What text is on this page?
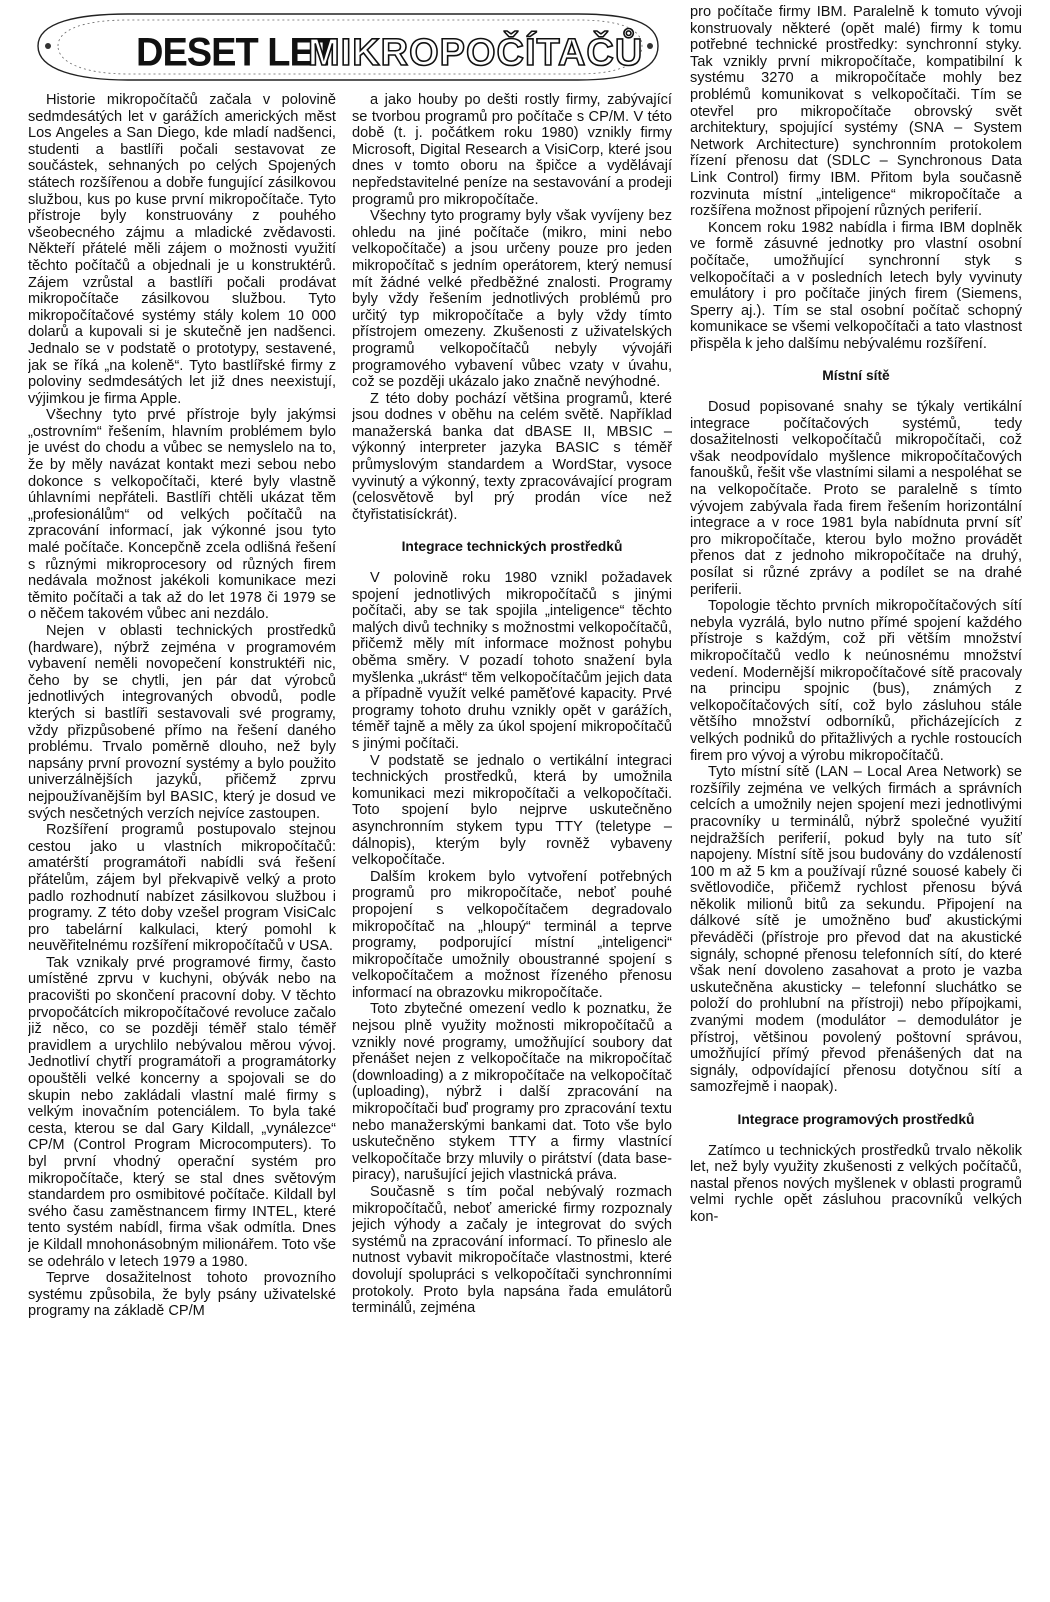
DESET LET
MIKROPOČÍTAČŮ

Historie mikropočítačů začala v polovině sedmdesátých let v garážích amerických měst Los Angeles a San Diego, kde mladí nadšenci, studenti a bastlíři počali sestavovat ze součástek, sehnaných po celých Spojených státech rozšířenou a dobře fungující zásilkovou službou, kus po kuse první mikropočítače. Tyto přístroje byly konstruovány z pouhého všeobecného zájmu a mladické zvědavosti. Někteří přátelé měli zájem o možnosti využití těchto počítačů a objednali je u konstruktérů. Zájem vzrůstal a bastlíři počali prodávat mikropočítače zásilkovou službou. Tyto mikropočítačové systémy stály kolem 10 000 dolarů a kupovali si je skutečně jen nadšenci. Jednalo se v podstatě o prototypy, sestavené, jak se říká „na koleně“. Tyto bastlířské firmy z poloviny sedmdesátých let již dnes neexistují, výjimkou je firma Apple.

Všechny tyto prvé přístroje byly jakýmsi „ostrovním“ řešením, hlavním problémem bylo je uvést do chodu a vůbec se nemyslelo na to, že by měly navázat kontakt mezi sebou nebo dokonce s velkopočítači, které byly vlastně úhlavními nepřáteli. Bastlíři chtěli ukázat těm „profesionálům“ od velkých počítačů na zpracování informací, jak výkonné jsou tyto malé počítače. Koncepčně zcela odlišná řešení s různými mikroprocesory od různých firem nedávala možnost jakékoli komunikace mezi těmito počítači a tak až do let 1978 či 1979 se o něčem takovém vůbec ani nezdálo.

Nejen v oblasti technických prostředků (hardware), nýbrž zejména v programovém vybavení neměli novopečení konstruktéři nic, čeho by se chytli, jen pár dat výrobců jednotlivých integrovaných obvodů, podle kterých si bastlíři sestavovali své programy, vždy přizpůsobené přímo na řešení daného problému. Trvalo poměrně dlouho, než byly napsány první provozní systémy a bylo použito univerzálnějších jazyků, přičemž zprvu nejpoužívanějším byl BASIC, který je dosud ve svých nesčetných verzích nejvíce zastoupen.

Rozšíření programů postupovalo stejnou cestou jako u vlastních mikropočítačů: amatérští programátoři nabídli svá řešení přátelům, zájem byl překvapivě velký a proto padlo rozhodnutí nabízet zásilkovou službou i programy. Z této doby vzešel program VisiCalc pro tabelární kalkulaci, který pomohl k neuvěřitelnému rozšíření mikropočítačů v USA.

Tak vznikaly prvé programové firmy, často umístěné zprvu v kuchyni, obývák nebo na pracovišti po skončení pracovní doby. V těchto prvopočátcích mikropočítačové revoluce začalo již něco, co se později téměř stalo téměř pravidlem a urychlilo nebývalou měrou vývoj. Jednotliví chytří programátoři a programátorky opouštěli velké koncerny a spojovali se do skupin nebo zakládali vlastní malé firmy s velkým inovačním potenciálem. To byla také cesta, kterou se dal Gary Kildall, „vynálezce“ CP/M (Control Program Microcomputers). To byl první vhodný operační systém pro mikropočítače, který se stal dnes světovým standardem pro osmibitové počítače. Kildall byl svého času zaměstnancem firmy INTEL, které tento systém nabídl, firma však odmítla. Dnes je Kildall mnohonásobným milionářem. Toto vše se odehrálo v letech 1979 a 1980.

Teprve dosažitelnost tohoto provozního systému způsobila, že byly psány uživatelské programy na základě CP/M

a jako houby po dešti rostly firmy, zabývající se tvorbou programů pro počítače s CP/M. V této době (t. j. počátkem roku 1980) vznikly firmy Microsoft, Digital Research a VisiCorp, které jsou dnes v tomto oboru na špičce a vydělávají nepředstavitelné peníze na sestavování a prodeji programů pro mikropočítače.

Všechny tyto programy byly však vyvíjeny bez ohledu na jiné počítače (mikro, mini nebo velkopočítače) a jsou určeny pouze pro jeden mikropočítač s jedním operátorem, který nemusí mít žádné velké předběžné znalosti. Programy byly vždy řešením jednotlivých problémů pro určitý typ mikropočítače a byly vždy tímto přístrojem omezeny. Zkušenosti z uživatelských programů velkopočítačů nebyly vývojáři programového vybavení vůbec vzaty v úvahu, což se později ukázalo jako značně nevýhodné.

Z této doby pochází většina programů, které jsou dodnes v oběhu na celém světě. Například manažerská banka dat dBASE II, MBSIC – výkonný interpreter jazyka BASIC s téměř průmyslovým standardem a WordStar, vysoce vyvinutý a výkonný, texty zpracovávající program (celosvětově byl prý prodán více než čtyřistatisíckrát).

Integrace technických prostředků

V polovině roku 1980 vznikl požadavek spojení jednotlivých mikropočítačů s jinými počítači, aby se tak spojila „inteligence“ těchto malých divů techniky s možnostmi velkopočítačů, přičemž měly mít informace možnost pohybu oběma směry. V pozadí tohoto snažení byla myšlenka „ukrást“ těm velkopočítačům jejich data a případně využít velké paměťové kapacity. Prvé programy tohoto druhu vznikly opět v garážích, téměř tajně a měly za úkol spojení mikropočítačů s jinými počítači.

V podstatě se jednalo o vertikální integraci technických prostředků, která by umožnila komunikaci mezi mikropočítači a velkopočítači. Toto spojení bylo nejprve uskutečněno asynchronním stykem typu TTY (teletype – dálnopis), kterým byly rovněž vybaveny velkopočítače.

Dalším krokem bylo vytvoření potřebných programů pro mikropočítače, neboť pouhé propojení s velkopočítačem degradovalo mikropočítač na „hloupý“ terminál a teprve programy, podporující místní „inteligenci“ mikropočítače umožnily oboustranné spojení s velkopočítačem a možnost řízeného přenosu informací na obrazovku mikropočítače.

Toto zbytečné omezení vedlo k poznatku, že nejsou plně využity možnosti mikropočítačů a vznikly nové programy, umožňující soubory dat přenášet nejen z velkopočítače na mikropočítač (downloading) a z mikropočítače na velkopočítač (uploading), nýbrž i další zpracování na mikropočítači buď programy pro zpracování textu nebo manažerskými bankami dat. Toto vše bylo uskutečněno stykem TTY a firmy vlastnící velkopočítače brzy mluvily o pirátství (data base-piracy), narušující jejich vlastnická práva.

Současně s tím počal nebývalý rozmach mikropočítačů, neboť americké firmy rozpoznaly jejich výhody a začaly je integrovat do svých systémů na zpracování informací. To přineslo ale nutnost vybavit mikropočítače vlastnostmi, které dovolují spolupráci s velkopočítači synchronními protokoly. Proto byla napsána řada emulátorů terminálů, zejména

pro počítače firmy IBM. Paralelně k tomuto vývoji konstruovaly některé (opět malé) firmy k tomu potřebné technické prostředky: synchronní styky. Tak vznikly první mikropočítače, kompatibilní k systému 3270 a mikropočítače mohly bez problémů komunikovat s velkopočítači. Tím se otevřel pro mikropočítače obrovský svět architektury, spojující systémy (SNA – System Network Architecture) synchronním protokolem řízení přenosu dat (SDLC – Synchronous Data Link Control) firmy IBM. Přitom byla současně rozvinuta místní „inteligence“ mikropočítače a rozšířena možnost připojení různých periferií.

Koncem roku 1982 nabídla i firma IBM doplněk ve formě zásuvné jednotky pro vlastní osobní počítače, umožňující synchronní styk s velkopočítači a v posledních letech byly vyvinuty emulátory i pro počítače jiných firem (Siemens, Sperry aj.). Tím se stal osobní počítač schopný komunikace se všemi velkopočítači a tato vlastnost přispěla k jeho dalšímu nebývalému rozšíření.

Místní sítě

Dosud popisované snahy se týkaly vertikální integrace počítačových systémů, tedy dosažitelnosti velkopočítačů mikropočítači, což však neodpovídalo myšlence mikropočítačových fanoušků, řešit vše vlastními silami a nespoléhat se na velkopočítače. Proto se paralelně s tímto vývojem zabývala řada firem řešením horizontální integrace a v roce 1981 byla nabídnuta první síť pro mikropočítače, kterou bylo možno provádět přenos dat z jednoho mikropočítače na druhý, posílat si různé zprávy a podílet se na drahé periferii.

Topologie těchto prvních mikropočítačových sítí nebyla vyzrálá, bylo nutno přímé spojení každého přístroje s každým, což při větším množství mikropočítačů vedlo k neúnosnému množství vedení. Modernější mikropočítačové sítě pracovaly na principu spojnic (bus), známých z velkopočítačových sítí, což bylo zásluhou stále většího množství odborníků, přicházejících z velkých podniků do přitažlivých a rychle rostoucích firem pro vývoj a výrobu mikropočítačů.

Tyto místní sítě (LAN – Local Area Network) se rozšířily zejména ve velkých firmách a správních celcích a umožnily nejen spojení mezi jednotlivými pracovníky u terminálů, nýbrž společné využití nejdražších periferií, pokud byly na tuto síť napojeny. Místní sítě jsou budovány do vzdáleností 100 m až 5 km a používají různé souosé kabely či světlovodiče, přičemž rychlost přenosu bývá několik milionů bitů za sekundu. Připojení na dálkové sítě je umožněno buď akustickými převáděči (přístroje pro převod dat na akustické signály, schopné přenosu telefonních sítí, do které však není dovoleno zasahovat a proto je vazba uskutečněna akusticky – telefonní sluchátko se položí do prohlubní na přístroji) nebo přípojkami, zvanými modem (modulátor – demodulátor je přístroj, většinou povolený poštovní správou, umožňující přímý převod přenášených dat na signály, odpovídající přenosu dotyčnou sítí a samozřejmě i naopak).

Integrace programových prostředků

Zatímco u technických prostředků trvalo několik let, než byly využity zkušenosti z velkých počítačů, nastal přenos nových myšlenek v oblasti programů velmi rychle opět zásluhou pracovníků velkých kon-
